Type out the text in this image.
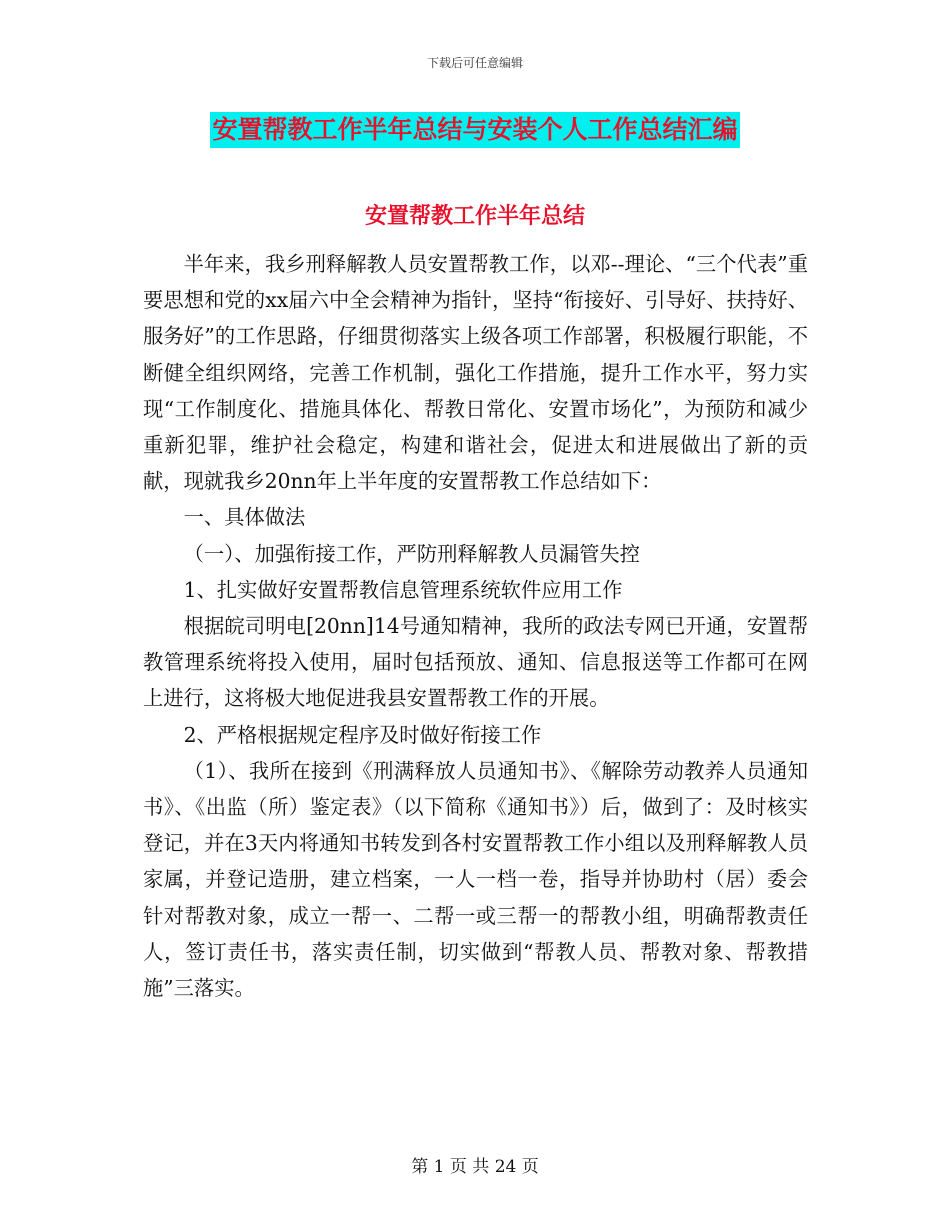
下载后可任意编辑
安置帮教工作半年总结与安装个人工作总结汇编
安置帮教工作半年总结

半年来，我乡刑释解教人员安置帮教工作，以邓--理论、“三个代表”重要思想和党的xx届六中全会精神为指针，坚持“衔接好、引导好、扶持好、服务好”的工作思路，仔细贯彻落实上级各项工作部署，积极履行职能，不断健全组织网络，完善工作机制，强化工作措施，提升工作水平，努力实现“工作制度化、措施具体化、帮教日常化、安置市场化”，为预防和减少重新犯罪，维护社会稳定，构建和谐社会，促进太和进展做出了新的贡献，现就我乡20nn年上半年度的安置帮教工作总结如下：

一、具体做法

（一）、加强衔接工作，严防刑释解教人员漏管失控

1、扎实做好安置帮教信息管理系统软件应用工作

根据皖司明电[20nn]14号通知精神，我所的政法专网已开通，安置帮教管理系统将投入使用，届时包括预放、通知、信息报送等工作都可在网上进行，这将极大地促进我县安置帮教工作的开展。

2、严格根据规定程序及时做好衔接工作

（1）、我所在接到《刑满释放人员通知书》、《解除劳动教养人员通知书》、《出监（所）鉴定表》（以下简称《通知书》）后，做到了：及时核实登记，并在3天内将通知书转发到各村安置帮教工作小组以及刑释解教人员家属，并登记造册，建立档案，一人一档一卷，指导并协助村（居）委会针对帮教对象，成立一帮一、二帮一或三帮一的帮教小组，明确帮教责任人，签订责任书，落实责任制，切实做到“帮教人员、帮教对象、帮教措施”三落实。

第 1 页 共 24 页
